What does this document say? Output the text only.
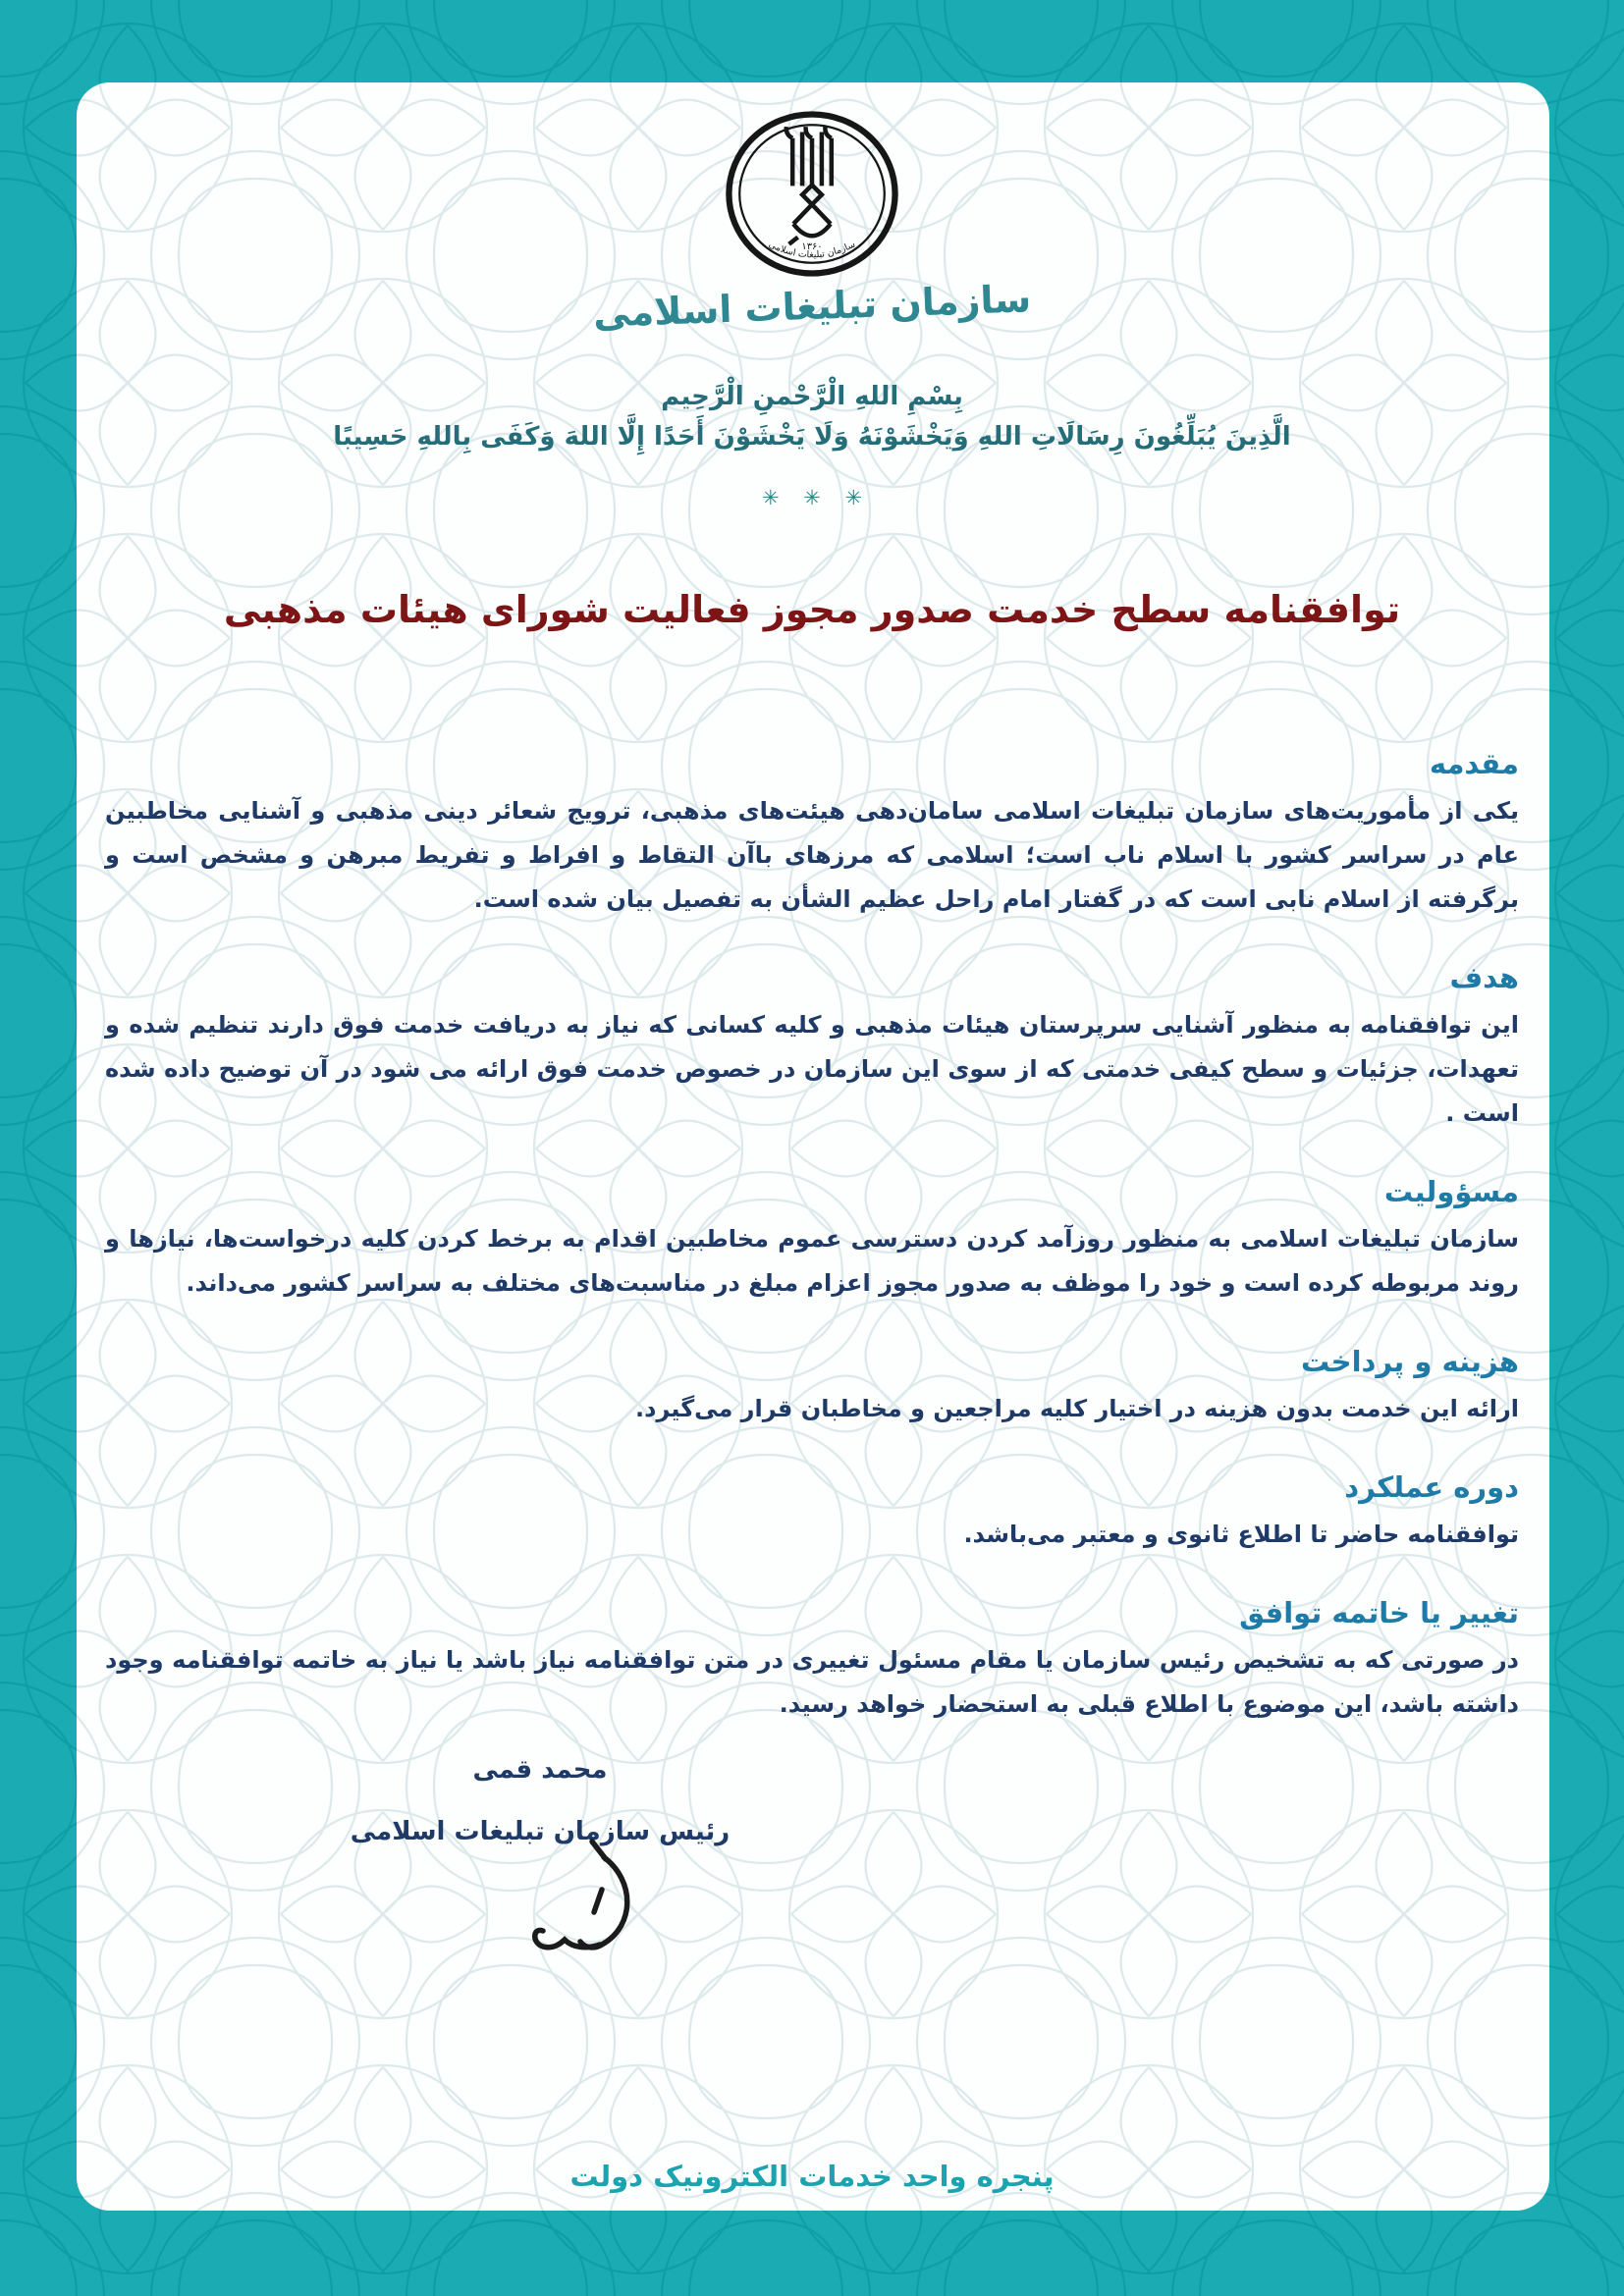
۱۳۶۰
سازمان تبلیغات اسلامی
سازمان تبلیغات اسلامی
بِسْمِ اللهِ الْرَّحْمنِ الْرَّحِيم
الَّذِينَ يُبَلِّغُونَ رِسَالَاتِ اللهِ وَيَخْشَوْنَهُ وَلَا يَخْشَوْنَ أَحَدًا إِلَّا اللهَ وَكَفَى بِاللهِ حَسِيبًا
✳ ✳ ✳
توافقنامه سطح خدمت صدور مجوز فعالیت شورای هیئات مذهبی
مقدمه

یکی از مأموریت‌های سازمان تبلیغات اسلامی سامان‌دهی هیئت‌های مذهبی، ترویج شعائر دینی مذهبی و آشنایی مخاطبین عام در سراسر کشور با اسلام ناب است؛ اسلامی که مرزهای باآن التقاط و افراط و تفریط مبرهن و مشخص است و برگرفته از اسلام نابی است که در گفتار امام راحل عظیم الشأن به تفصیل بیان شده است.

هدف

این توافقنامه به منظور آشنایی سرپرستان هیئات مذهبی و کلیه کسانی که نیاز به دریافت خدمت فوق دارند تنظیم شده و تعهدات، جزئیات و سطح کیفی خدمتی که از سوی این سازمان در خصوص خدمت فوق ارائه می شود در آن توضیح داده شده است .

مسؤولیت

سازمان تبلیغات اسلامی به منظور روزآمد کردن دسترسی عموم مخاطبین اقدام به برخط کردن کلیه درخواست‌ها، نیازها و روند مربوطه کرده است و خود را موظف به صدور مجوز اعزام مبلغ در مناسبت‌های مختلف به سراسر کشور می‌داند.

هزینه و پرداخت

ارائه این خدمت بدون هزینه در اختیار کلیه مراجعین و مخاطبان قرار می‌گیرد.

دوره عملکرد

توافقنامه حاضر تا اطلاع ثانوی و معتبر می‌باشد.

تغییر یا خاتمه توافق

در صورتی که به تشخیص رئیس سازمان یا مقام مسئول تغییری در متن توافقنامه نیاز باشد یا نیاز به خاتمه توافقنامه وجود داشته باشد، این موضوع با اطلاع قبلی به استحضار خواهد رسید.

محمد قمی
رئیس سازمان تبلیغات اسلامی
پنجره واحد خدمات الکترونیک دولت
